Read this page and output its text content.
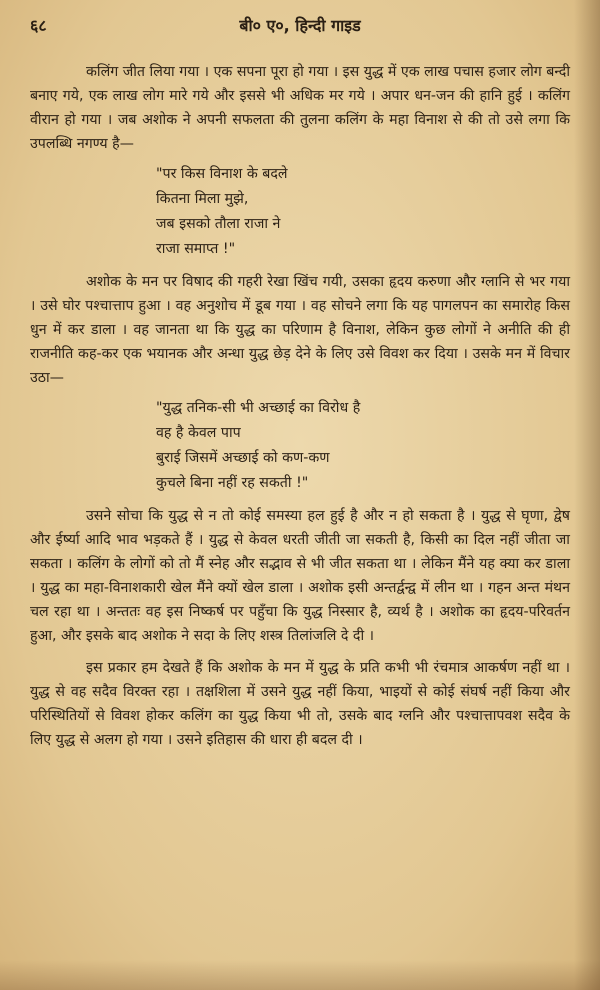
६८	बी० ए०, हिन्दी गाइड

कलिंग जीत लिया गया । एक सपना पूरा हो गया । इस युद्ध में एक लाख पचास हजार लोग बन्दी बनाए गये, एक लाख लोग मारे गये और इससे भी अधिक मर गये । अपार धन-जन की हानि हुई । कलिंग वीरान हो गया । जब अशोक ने अपनी सफलता की तुलना कलिंग के महा विनाश से की तो उसे लगा कि उपलब्धि नगण्य है—

"पर किस विनाश के बदले
कितना मिला मुझे,
जब इसको तौला राजा ने
राजा समाप्त !"

अशोक के मन पर विषाद की गहरी रेखा खिंच गयी, उसका हृदय करुणा और ग्लानि से भर गया । उसे घोर पश्चात्ताप हुआ । वह अनुशोच में डूब गया । वह सोचने लगा कि यह पागलपन का समारोह किस धुन में कर डाला । वह जानता था कि युद्ध का परिणाम है विनाश, लेकिन कुछ लोगों ने अनीति की ही राजनीति कह-कर एक भयानक और अन्धा युद्ध छेड़ देने के लिए उसे विवश कर दिया । उसके मन में विचार उठा—

"युद्ध तनिक-सी भी अच्छाई का विरोध है
वह है केवल पाप
बुराई जिसमें अच्छाई को कण-कण
कुचले बिना नहीं रह सकती !"

उसने सोचा कि युद्ध से न तो कोई समस्या हल हुई है और न हो सकता है । युद्ध से घृणा, द्वेष और ईर्ष्या आदि भाव भड़कते हैं । युद्ध से केवल धरती जीती जा सकती है, किसी का दिल नहीं जीता जा सकता । कलिंग के लोगों को तो मैं स्नेह और सद्भाव से भी जीत सकता था । लेकिन मैंने यह क्या कर डाला । युद्ध का महा-विनाशकारी खेल मैंने क्यों खेल डाला । अशोक इसी अन्तर्द्वन्द्व में लीन था । गहन अन्त मंथन चल रहा था । अन्ततः वह इस निष्कर्ष पर पहुँचा कि युद्ध निस्सार है, व्यर्थ है । अशोक का हृदय-परिवर्तन हुआ, और इसके बाद अशोक ने सदा के लिए शस्त्र तिलांजलि दे दी ।

इस प्रकार हम देखते हैं कि अशोक के मन में युद्ध के प्रति कभी भी रंचमात्र आकर्षण नहीं था । युद्ध से वह सदैव विरक्त रहा । तक्षशिला में उसने युद्ध नहीं किया, भाइयों से कोई संघर्ष नहीं किया और परिस्थितियों से विवश होकर कलिंग का युद्ध किया भी तो, उसके बाद ग्लनि और पश्चात्तापवश सदैव के लिए युद्ध से अलग हो गया । उसने इतिहास की धारा ही बदल दी ।
